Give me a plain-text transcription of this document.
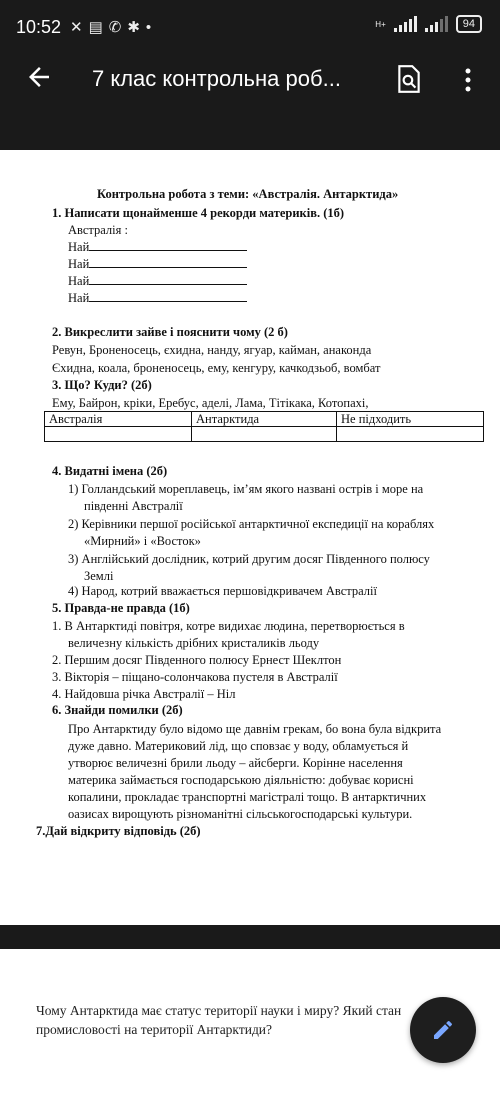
10:52 ✕▤✆✱•	H+	94
7 клас контрольна роб...
Контрольна робота з теми: «Австралія. Антарктида»
1. Написати щонайменше 4 рекорди материків. (1б)
Австралія :
Най
Най
Най
Най
2. Викреслити зайве і пояснити чому (2 б)
Ревун, Броненосець, єхидна, нанду, ягуар, кайман, анаконда
Єхидна, коала, броненосець, ему, кенгуру, качкодзьоб, вомбат
3. Що? Куди? (2б)
Ему, Байрон, кріки, Еребус, аделі, Лама, Тітікака, Котопахі,
Австралія	Антарктида	Не підходить

4. Видатні імена (2б)
1) Голландський мореплавець, ім’ям якого названі острів і море на
південні Австралії
2) Керівники першої російської антарктичної експедиції на кораблях
«Мирний» і «Восток»
3) Англійський дослідник, котрий другим досяг Південного полюсу
Землі
4) Народ, котрий вважається першовідкривачем Австралії
5. Правда-не правда (1б)
1. В Антарктиді повітря, котре видихає людина, перетворюється в
величезну кількість дрібних кристаликів льоду
2. Першим досяг Південного полюсу Ернест Шеклтон
3. Вікторія – піщано-солончакова пустеля в Австралії
4. Найдовша річка Австралії – Ніл
6. Знайди помилки (2б)
Про Антарктиду було відомо ще давнім грекам, бо вона була відкрита
дуже давно. Материковий лід, що сповзає у воду, обламується й
утворює величезні брили льоду – айсберги. Корінне населення
материка займається господарською діяльністю: добуває корисні
копалини, прокладає транспортні магістралі тощо. В антарктичних
оазисах вирощують різноманітні сільськогосподарські культури.
7.Дай відкриту відповідь (2б)
Чому Антарктида має статус території науки і миру? Який стан промисловості на території Антарктиди?
